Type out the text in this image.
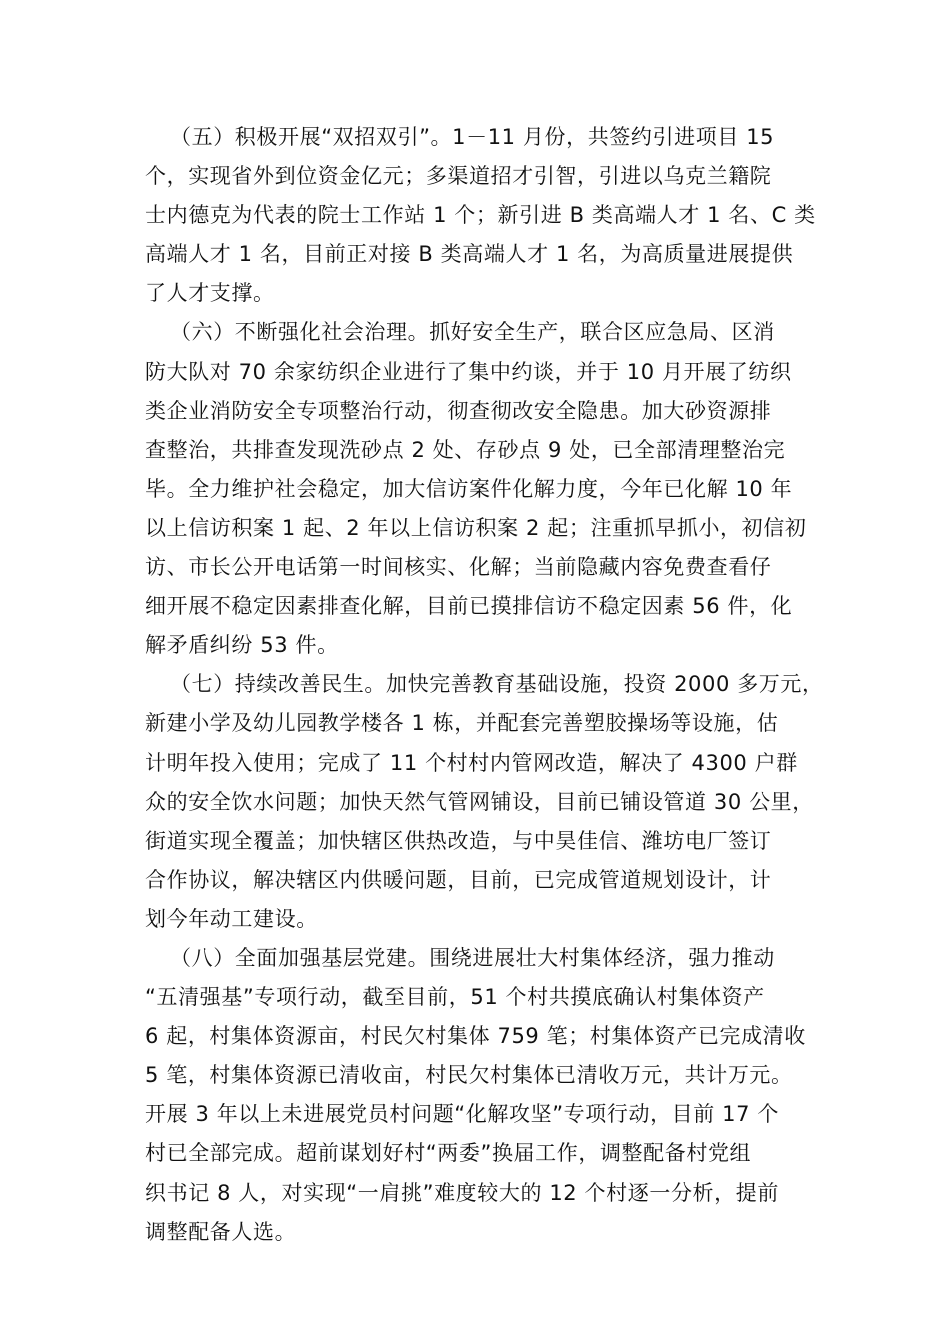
（五）积极开展“双招双引”。1－11 月份，共签约引进项目 15
个，实现省外到位资金亿元；多渠道招才引智，引进以乌克兰籍院
士内德克为代表的院士工作站 1 个；新引进 B 类高端人才 1 名、C 类
高端人才 1 名，目前正对接 B 类高端人才 1 名，为高质量进展提供
了人才支撑。
（六）不断强化社会治理。抓好安全生产，联合区应急局、区消
防大队对 70 余家纺织企业进行了集中约谈，并于 10 月开展了纺织
类企业消防安全专项整治行动，彻查彻改安全隐患。加大砂资源排
查整治，共排查发现洗砂点 2 处、存砂点 9 处，已全部清理整治完
毕。全力维护社会稳定，加大信访案件化解力度，今年已化解 10 年
以上信访积案 1 起、2 年以上信访积案 2 起；注重抓早抓小，初信初
访、市长公开电话第一时间核实、化解；当前隐藏内容免费查看仔
细开展不稳定因素排查化解，目前已摸排信访不稳定因素 56 件，化
解矛盾纠纷 53 件。
（七）持续改善民生。加快完善教育基础设施，投资 2000 多万元，
新建小学及幼儿园教学楼各 1 栋，并配套完善塑胶操场等设施，估
计明年投入使用；完成了 11 个村村内管网改造，解决了 4300 户群
众的安全饮水问题；加快天然气管网铺设，目前已铺设管道 30 公里，
街道实现全覆盖；加快辖区供热改造，与中昊佳信、潍坊电厂签订
合作协议，解决辖区内供暖问题，目前，已完成管道规划设计，计
划今年动工建设。
（八）全面加强基层党建。围绕进展壮大村集体经济，强力推动
“五清强基”专项行动，截至目前，51 个村共摸底确认村集体资产
6 起，村集体资源亩，村民欠村集体 759 笔；村集体资产已完成清收
5 笔，村集体资源已清收亩，村民欠村集体已清收万元，共计万元。
开展 3 年以上未进展党员村问题“化解攻坚”专项行动，目前 17 个
村已全部完成。超前谋划好村“两委”换届工作，调整配备村党组
织书记 8 人，对实现“一肩挑”难度较大的 12 个村逐一分析，提前
调整配备人选。
